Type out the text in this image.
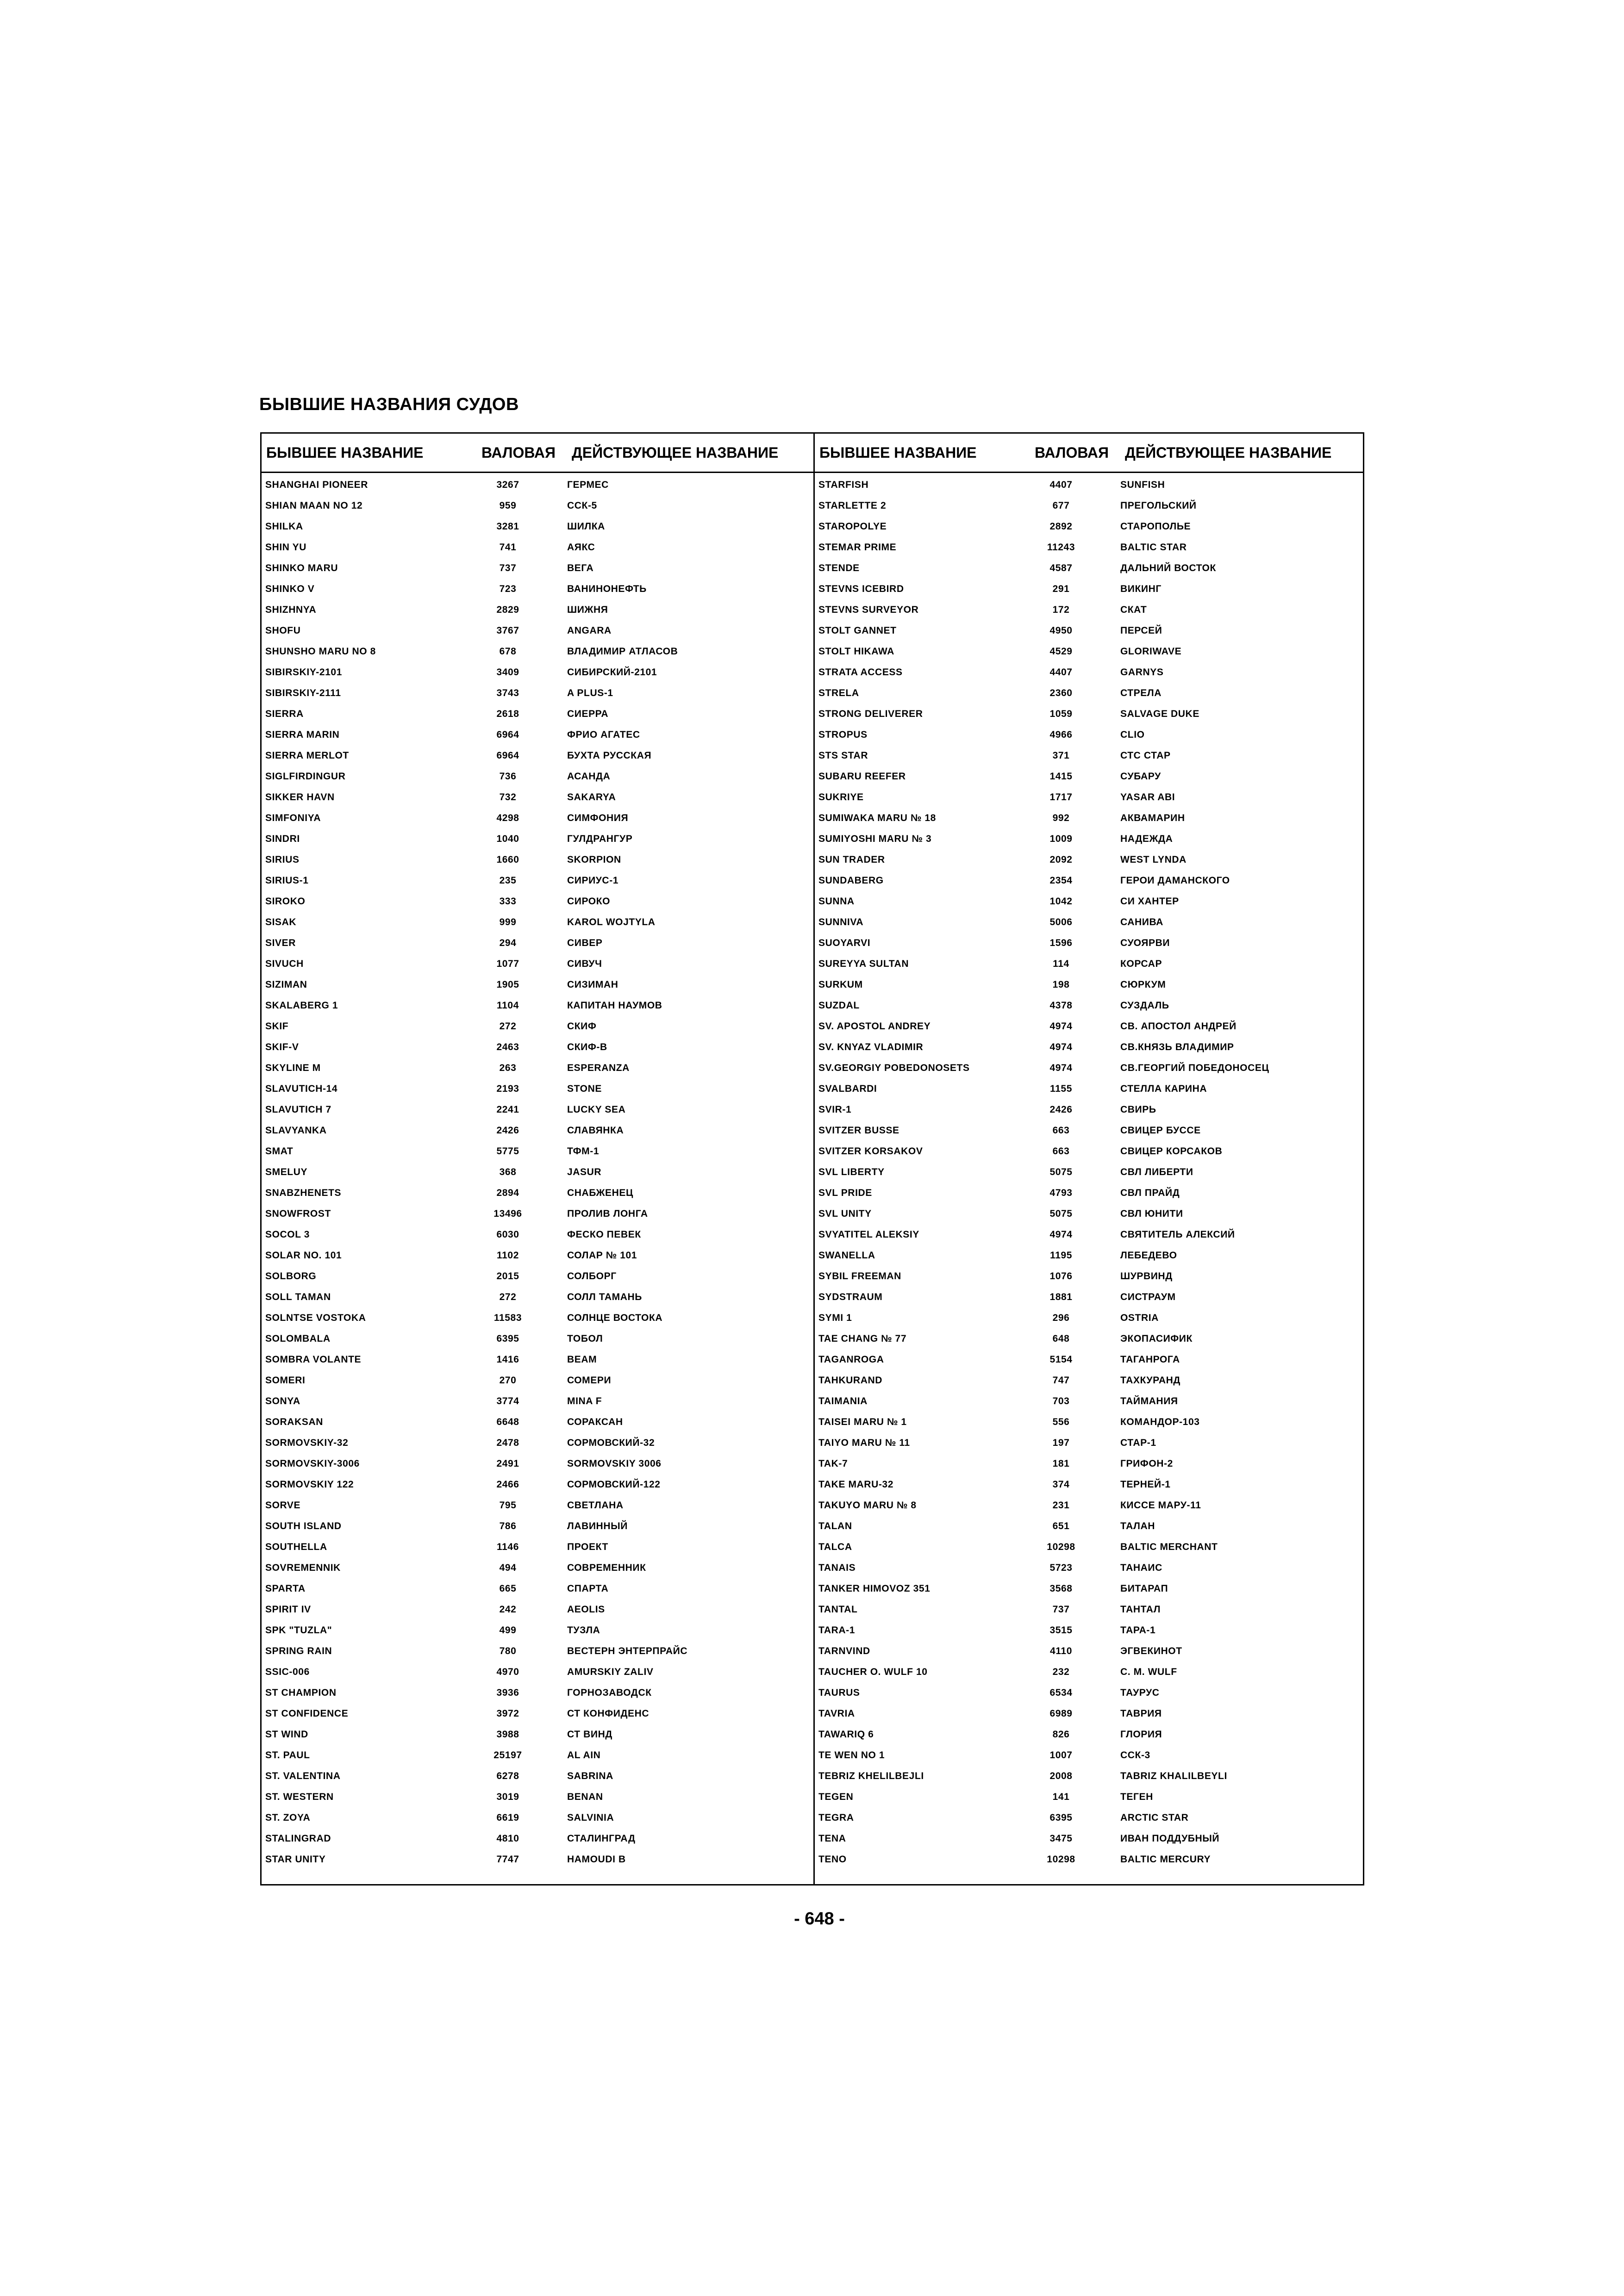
БЫВШИЕ НАЗВАНИЯ СУДОВ
БЫВШЕЕ НАЗВАНИЕ	ВАЛОВАЯ ДЕЙСТВУЮЩЕЕ НАЗВАНИЕ
SHANGHAI PIONEER	3267	ГЕРМЕС
SHIAN MAAN NO 12	959	ССК-5
SHILKA	3281	ШИЛКА
SHIN YU	741	АЯКС
SHINKO MARU	737	ВЕГА
SHINKO V	723	ВАНИНОНЕФТЬ
SHIZHNYA	2829	ШИЖНЯ
SHOFU	3767	ANGARA
SHUNSHO MARU NO 8	678	ВЛАДИМИР АТЛАСОВ
SIBIRSKIY-2101	3409	СИБИРСКИЙ-2101
SIBIRSKIY-2111	3743	A PLUS-1
SIERRA	2618	СИЕРРА
SIERRA MARIN	6964	ФРИО АГАТЕС
SIERRA MERLOT	6964	БУХТА РУССКАЯ
SIGLFIRDINGUR	736	АСАНДА
SIKKER HAVN	732	SAKARYA
SIMFONIYA	4298	СИМФОНИЯ
SINDRI	1040	ГУЛДРАНГУР
SIRIUS	1660	SKORPION
SIRIUS-1	235	СИРИУС-1
SIROKO	333	СИРОКО
SISAK	999	KAROL WOJTYLA
SIVER	294	СИВЕР
SIVUCH	1077	СИВУЧ
SIZIMAN	1905	СИЗИМАН
SKALABERG 1	1104	КАПИТАН НАУМОВ
SKIF	272	СКИФ
SKIF-V	2463	СКИФ-В
SKYLINE M	263	ESPERANZA
SLAVUTICH-14	2193	STONE
SLAVUTICH 7	2241	LUCKY SEA
SLAVYANKA	2426	СЛАВЯНКА
SMAT	5775	ТФМ-1
SMELUY	368	JASUR
SNABZHENETS	2894	СНАБЖЕНЕЦ
SNOWFROST	13496	ПРОЛИВ ЛОНГА
SOCOL 3	6030	ФЕСКО ПЕВЕК
SOLAR NO. 101	1102	СОЛАР № 101
SOLBORG	2015	СОЛБОРГ
SOLL TAMAN	272	СОЛЛ ТАМАНЬ
SOLNTSE VOSTOKA	11583	СОЛНЦЕ ВОСТОКА
SOLOMBALA	6395	ТОБОЛ
SOMBRA VOLANTE	1416	BEAM
SOMERI	270	СОМЕРИ
SONYA	3774	MINA F
SORAKSAN	6648	СОРАКСАН
SORMOVSKIY-32	2478	СОРМОВСКИЙ-32
SORMOVSKIY-3006	2491	SORMOVSKIY 3006
SORMOVSKIY 122	2466	СОРМОВСКИЙ-122
SORVE	795	СВЕТЛАНА
SOUTH ISLAND	786	ЛАВИННЫЙ
SOUTHELLA	1146	ПРОЕКТ
SOVREMENNIK	494	СОВРЕМЕННИК
SPARTA	665	СПАРТА
SPIRIT IV	242	AEOLIS
SPK "TUZLA"	499	ТУЗЛА
SPRING RAIN	780	ВЕСТЕРН ЭНТЕРПРАЙС
SSIC-006	4970	AMURSKIY ZALIV
ST CHAMPION	3936	ГОРНОЗАВОДСК
ST CONFIDENCE	3972	СТ КОНФИДЕНС
ST WIND	3988	СТ ВИНД
ST. PAUL	25197	AL AIN
ST. VALENTINA	6278	SABRINA
ST. WESTERN	3019	BENAN
ST. ZOYA	6619	SALVINIA
STALINGRAD	4810	СТАЛИНГРАД
STAR UNITY	7747	HAMOUDI B
БЫВШЕЕ НАЗВАНИЕ	ВАЛОВАЯ ДЕЙСТВУЮЩЕЕ НАЗВАНИЕ
STARFISH	4407	SUNFISH
STARLETTE 2	677	ПРЕГОЛЬСКИЙ
STAROPOLYE	2892	СТАРОПОЛЬЕ
STEMAR PRIME	11243	BALTIC STAR
STENDE	4587	ДАЛЬНИЙ ВОСТОК
STEVNS ICEBIRD	291	ВИКИНГ
STEVNS SURVEYOR	172	СКАТ
STOLT GANNET	4950	ПЕРСЕЙ
STOLT HIKAWA	4529	GLORIWAVE
STRATA ACCESS	4407	GARNYS
STRELA	2360	СТРЕЛА
STRONG DELIVERER	1059	SALVAGE DUKE
STROPUS	4966	CLIO
STS STAR	371	СТС СТАР
SUBARU REEFER	1415	СУБАРУ
SUKRIYE	1717	YASAR ABI
SUMIWAKA MARU № 18	992	АКВАМАРИН
SUMIYOSHI MARU № 3	1009	НАДЕЖДА
SUN TRADER	2092	WEST LYNDA
SUNDABERG	2354	ГЕРОИ ДАМАНСКОГО
SUNNA	1042	СИ ХАНТЕР
SUNNIVA	5006	САНИВА
SUOYARVI	1596	СУОЯРВИ
SUREYYA SULTAN	114	КОРСАР
SURKUM	198	СЮРКУМ
SUZDAL	4378	СУЗДАЛЬ
SV. APOSTOL ANDREY	4974	СВ. АПОСТОЛ АНДРЕЙ
SV. KNYAZ VLADIMIR	4974	СВ.КНЯЗЬ ВЛАДИМИР
SV.GEORGIY POBEDONOSETS	4974	СВ.ГЕОРГИЙ ПОБЕДОНОСЕЦ
SVALBARDI	1155	СТЕЛЛА КАРИНА
SVIR-1	2426	СВИРЬ
SVITZER BUSSE	663	СВИЦЕР БУССЕ
SVITZER KORSAKOV	663	СВИЦЕР КОРСАКОВ
SVL LIBERTY	5075	СВЛ ЛИБЕРТИ
SVL PRIDE	4793	СВЛ ПРАЙД
SVL UNITY	5075	СВЛ ЮНИТИ
SVYATITEL ALEKSIY	4974	СВЯТИТЕЛЬ АЛЕКСИЙ
SWANELLA	1195	ЛЕБЕДЕВО
SYBIL FREEMAN	1076	ШУРВИНД
SYDSTRAUM	1881	СИСТРАУМ
SYMI 1	296	OSTRIA
TAE CHANG № 77	648	ЭКОПАСИФИК
TAGANROGA	5154	ТАГАНРОГА
TAHKURAND	747	ТАХКУРАНД
TAIMANIA	703	ТАЙМАНИЯ
TAISEI MARU № 1	556	КОМАНДОР-103
TAIYO MARU № 11	197	СТАР-1
TAK-7	181	ГРИФОН-2
TAKE MARU-32	374	ТЕРНЕЙ-1
TAKUYO MARU № 8	231	КИССЕ МАРУ-11
TALAN	651	ТАЛАН
TALCA	10298	BALTIC MERCHANT
TANAIS	5723	ТАНАИС
TANKER HIMOVOZ 351	3568	БИТАРАП
TANTAL	737	ТАНТАЛ
TARA-1	3515	ТАРА-1
TARNVIND	4110	ЭГВЕКИНОТ
TAUCHER O. WULF 10	232	C. M. WULF
TAURUS	6534	ТАУРУС
TAVRIA	6989	ТАВРИЯ
TAWARIQ 6	826	ГЛОРИЯ
TE WEN NO 1	1007	ССК-3
TEBRIZ KHELILBEJLI	2008	TABRIZ KHALILBEYLI
TEGEN	141	ТЕГЕН
TEGRA	6395	ARCTIC STAR
TENA	3475	ИВАН ПОДДУБНЫЙ
TENO	10298	BALTIC MERCURY
- 648 -
